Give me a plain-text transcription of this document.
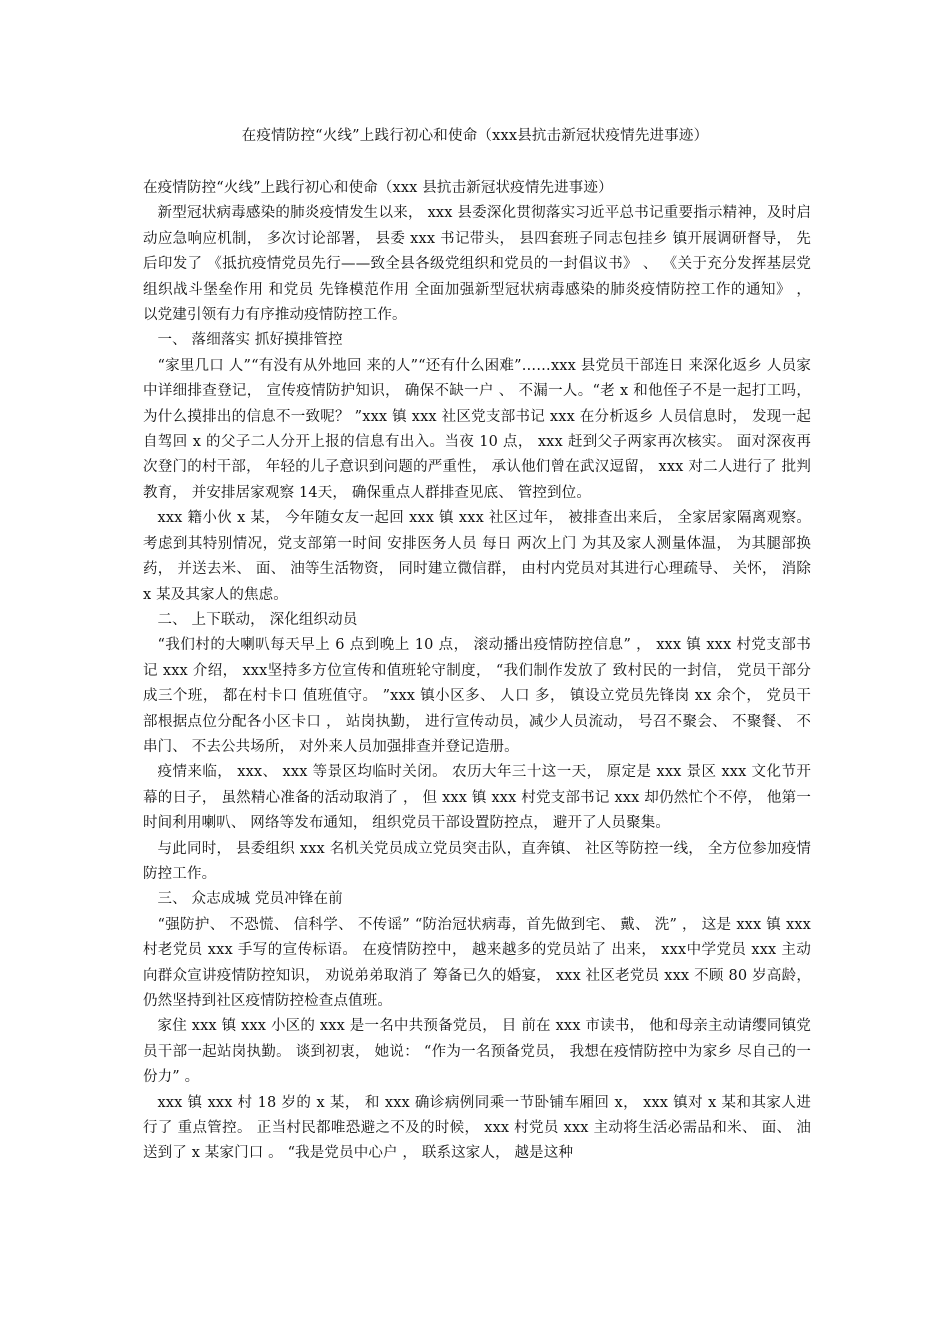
在疫情防控“火线”上践行初心和使命（xxx县抗击新冠状疫情先进事迹）

在疫情防控“火线”上践行初心和使命（xxx 县抗击新冠状疫情先进事迹）

新型冠状病毒感染的肺炎疫情发生以来， xxx 县委深化贯彻落实习近平总书记重要指示精神，及时启动应急响应机制， 多次讨论部署， 县委 xxx 书记带头， 县四套班子同志包挂乡 镇开展调研督导， 先后印发了 《抵抗疫情党员先行——致全县各级党组织和党员的一封倡议书》 、 《关于充分发挥基层党组织战斗堡垒作用 和党员 先锋模范作用 全面加强新型冠状病毒感染的肺炎疫情防控工作的通知》 ， 以党建引领有力有序推动疫情防控工作。

一、 落细落实 抓好摸排管控

“家里几口 人”“有没有从外地回 来的人”“还有什么困难”……xxx 县党员干部连日 来深化返乡 人员家中详细排查登记， 宣传疫情防护知识， 确保不缺一户 、 不漏一人。“老 x 和他侄子不是一起打工吗， 为什么摸排出的信息不一致呢？ ”xxx 镇 xxx 社区党支部书记 xxx 在分析返乡 人员信息时， 发现一起自驾回 x 的父子二人分开上报的信息有出入。当夜 10 点， xxx 赶到父子两家再次核实。 面对深夜再次登门的村干部， 年轻的儿子意识到问题的严重性， 承认他们曾在武汉逗留， xxx 对二人进行了 批判教育， 并安排居家观察 14天， 确保重点人群排查见底、 管控到位。

xxx 籍小伙 x 某， 今年随女友一起回 xxx 镇 xxx 社区过年， 被排查出来后， 全家居家隔离观察。 考虑到其特别情况，党支部第一时间 安排医务人员 每日 两次上门 为其及家人测量体温， 为其腿部换药， 并送去米、 面、 油等生活物资， 同时建立微信群， 由村内党员对其进行心理疏导、 关怀， 消除x 某及其家人的焦虑。

二、 上下联动， 深化组织动员

“我们村的大喇叭每天早上 6 点到晚上 10 点， 滚动播出疫情防控信息” ， xxx 镇 xxx 村党支部书记 xxx 介绍， xxx坚持多方位宣传和值班轮守制度， “我们制作发放了 致村民的一封信， 党员干部分成三个班， 都在村卡口 值班值守。 ”xxx 镇小区多、 人口 多， 镇设立党员先锋岗 xx 余个， 党员干部根据点位分配各小区卡口 ， 站岗执勤， 进行宣传动员，减少人员流动， 号召不聚会、 不聚餐、 不串门、 不去公共场所， 对外来人员加强排查并登记造册。

疫情来临， xxx、 xxx 等景区均临时关闭。 农历大年三十这一天， 原定是 xxx 景区 xxx 文化节开幕的日子， 虽然精心准备的活动取消了 ， 但 xxx 镇 xxx 村党支部书记 xxx 却仍然忙个不停， 他第一时间利用喇叭、 网络等发布通知， 组织党员干部设置防控点， 避开了人员聚集。

与此同时， 县委组织 xxx 名机关党员成立党员突击队，直奔镇、 社区等防控一线， 全方位参加疫情防控工作。

三、 众志成城 党员冲锋在前

“强防护、 不恐慌、 信科学、 不传谣” “防治冠状病毒，首先做到宅、 戴、 洗” ， 这是 xxx 镇 xxx 村老党员 xxx 手写的宣传标语。 在疫情防控中， 越来越多的党员站了 出来， xxx中学党员 xxx 主动向群众宣讲疫情防控知识， 劝说弟弟取消了 筹备已久的婚宴， xxx 社区老党员 xxx 不顾 80 岁高龄， 仍然坚持到社区疫情防控检查点值班。

家住 xxx 镇 xxx 小区的 xxx 是一名中共预备党员， 目 前在 xxx 市读书， 他和母亲主动请缨同镇党员干部一起站岗执勤。 谈到初衷， 她说： “作为一名预备党员， 我想在疫情防控中为家乡 尽自己的一份力” 。

xxx 镇 xxx 村 18 岁的 x 某， 和 xxx 确诊病例同乘一节卧铺车厢回 x， xxx 镇对 x 某和其家人进行了 重点管控。 正当村民都唯恐避之不及的时候， xxx 村党员 xxx 主动将生活必需品和米、 面、 油送到了 x 某家门口 。 “我是党员中心户 ， 联系这家人， 越是这种
